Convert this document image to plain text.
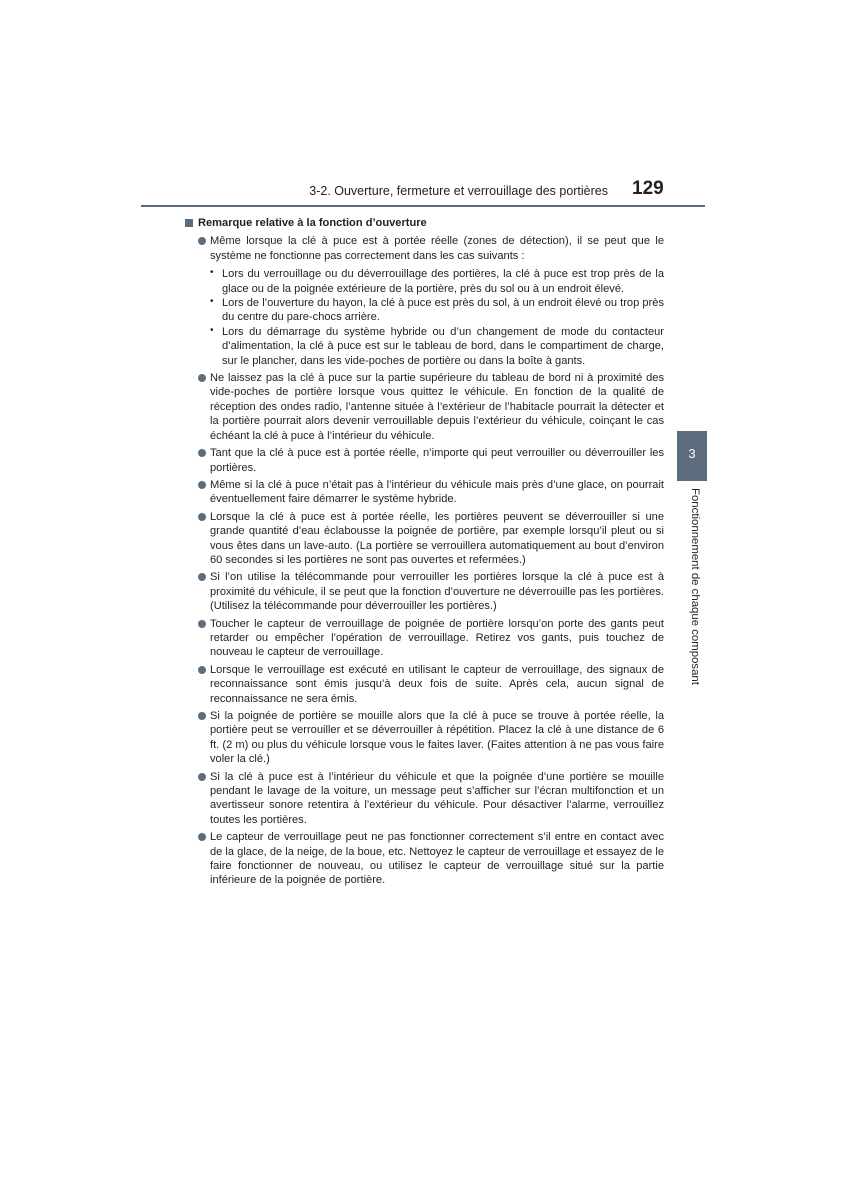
3-2. Ouverture, fermeture et verrouillage des portières 129
3
Fonctionnement de chaque composant
Remarque relative à la fonction d’ouverture
Même lorsque la clé à puce est à portée réelle (zones de détection), il se peut que le système ne fonctionne pas correctement dans les cas suivants :
• Lors du verrouillage ou du déverrouillage des portières, la clé à puce est trop près de la glace ou de la poignée extérieure de la portière, près du sol ou à un endroit élevé.
• Lors de l’ouverture du hayon, la clé à puce est près du sol, à un endroit élevé ou trop près du centre du pare-chocs arrière.
• Lors du démarrage du système hybride ou d’un changement de mode du contacteur d’alimentation, la clé à puce est sur le tableau de bord, dans le compartiment de charge, sur le plancher, dans les vide-poches de portière ou dans la boîte à gants.
Ne laissez pas la clé à puce sur la partie supérieure du tableau de bord ni à proximité des vide-poches de portière lorsque vous quittez le véhicule. En fonction de la qualité de réception des ondes radio, l’antenne située à l’extérieur de l’habitacle pourrait la détecter et la portière pourrait alors devenir verrouillable depuis l’extérieur du véhicule, coinçant le cas échéant la clé à puce à l’intérieur du véhicule.
Tant que la clé à puce est à portée réelle, n’importe qui peut verrouiller ou déverrouiller les portières.
Même si la clé à puce n’était pas à l’intérieur du véhicule mais près d’une glace, on pourrait éventuellement faire démarrer le système hybride.
Lorsque la clé à puce est à portée réelle, les portières peuvent se déverrouiller si une grande quantité d’eau éclabousse la poignée de portière, par exemple lorsqu’il pleut ou si vous êtes dans un lave-auto. (La portière se verrouillera automatiquement au bout d’environ 60 secondes si les portières ne sont pas ouvertes et refermées.)
Si l’on utilise la télécommande pour verrouiller les portières lorsque la clé à puce est à proximité du véhicule, il se peut que la fonction d’ouverture ne déverrouille pas les portières. (Utilisez la télécommande pour déverrouiller les portières.)
Toucher le capteur de verrouillage de poignée de portière lorsqu’on porte des gants peut retarder ou empêcher l’opération de verrouillage. Retirez vos gants, puis touchez de nouveau le capteur de verrouillage.
Lorsque le verrouillage est exécuté en utilisant le capteur de verrouillage, des signaux de reconnaissance sont émis jusqu’à deux fois de suite. Après cela, aucun signal de reconnaissance ne sera émis.
Si la poignée de portière se mouille alors que la clé à puce se trouve à portée réelle, la portière peut se verrouiller et se déverrouiller à répétition. Placez la clé à une distance de 6 ft. (2 m) ou plus du véhicule lorsque vous le faites laver. (Faites attention à ne pas vous faire voler la clé.)
Si la clé à puce est à l’intérieur du véhicule et que la poignée d’une portière se mouille pendant le lavage de la voiture, un message peut s’afficher sur l’écran multifonction et un avertisseur sonore retentira à l’extérieur du véhicule. Pour désactiver l’alarme, verrouillez toutes les portières.
Le capteur de verrouillage peut ne pas fonctionner correctement s’il entre en contact avec de la glace, de la neige, de la boue, etc. Nettoyez le capteur de verrouillage et essayez de le faire fonctionner de nouveau, ou utilisez le capteur de verrouillage situé sur la partie inférieure de la poignée de portière.
